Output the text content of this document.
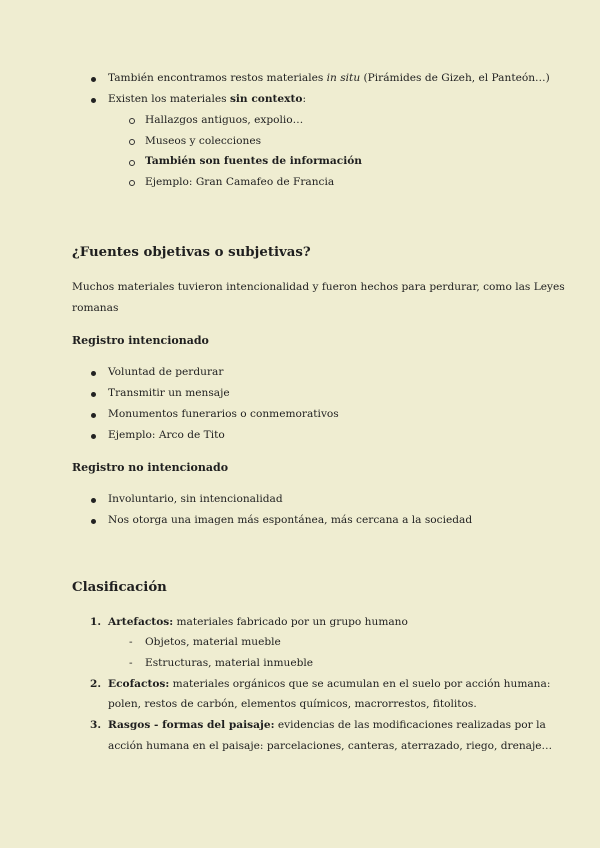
También encontramos restos materiales in situ (Pirámides de Gizeh, el Panteón…)
Existen los materiales sin contexto:
Hallazgos antiguos, expolio…
Museos y colecciones
También son fuentes de información
Ejemplo: Gran Camafeo de Francia
¿Fuentes objetivas o subjetivas?
Muchos materiales tuvieron intencionalidad y fueron hechos para perdurar, como las Leyes
romanas
Registro intencionado
Voluntad de perdurar
Transmitir un mensaje
Monumentos funerarios o conmemorativos
Ejemplo: Arco de Tito
Registro no intencionado
Involuntario, sin intencionalidad
Nos otorga una imagen más espontánea, más cercana a la sociedad
Clasificación
1. Artefactos: materiales fabricado por un grupo humano
- Objetos, material mueble
- Estructuras, material inmueble
2. Ecofactos: materiales orgánicos que se acumulan en el suelo por acción humana:
polen, restos de carbón, elementos químicos, macrorrestos, fitolitos.
3. Rasgos - formas del paisaje: evidencias de las modificaciones realizadas por la
acción humana en el paisaje: parcelaciones, canteras, aterrazado, riego, drenaje…
